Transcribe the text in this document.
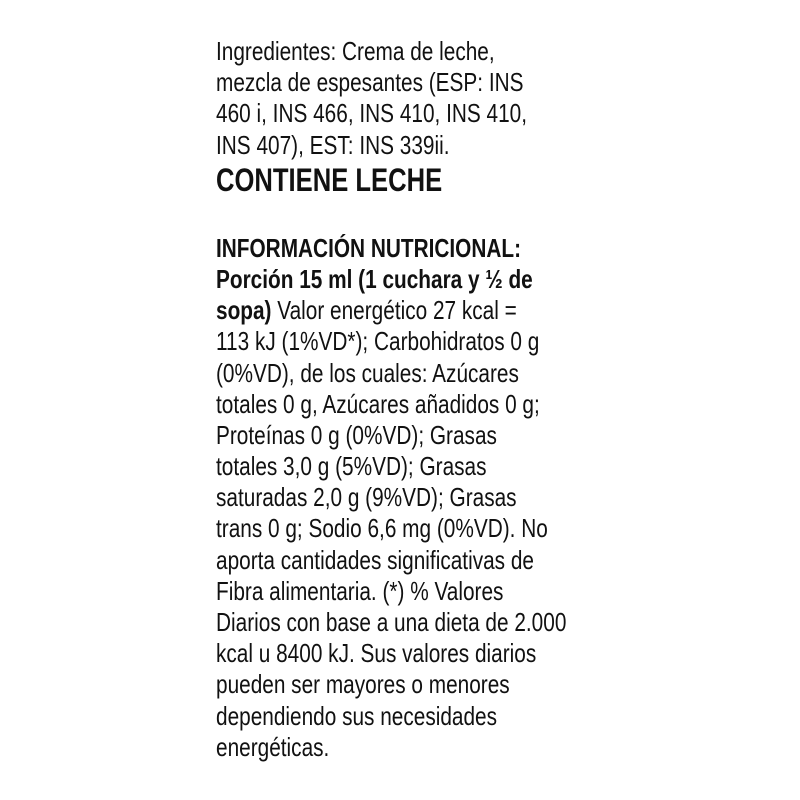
Ingredientes: Crema de leche,
mezcla de espesantes (ESP: INS
460 i, INS 466, INS 410, INS 410,
INS 407), EST: INS 339ii.
CONTIENE LECHE
INFORMACIÓN NUTRICIONAL:
Porción 15 ml (1 cuchara y ½ de
sopa) Valor energético 27 kcal =
113 kJ (1%VD*); Carbohidratos 0 g
(0%VD), de los cuales: Azúcares
totales 0 g, Azúcares añadidos 0 g;
Proteínas 0 g (0%VD); Grasas
totales 3,0 g (5%VD); Grasas
saturadas 2,0 g (9%VD); Grasas
trans 0 g; Sodio 6,6 mg (0%VD). No
aporta cantidades significativas de
Fibra alimentaria. (*) % Valores
Diarios con base a una dieta de 2.000
kcal u 8400 kJ. Sus valores diarios
pueden ser mayores o menores
dependiendo sus necesidades
energéticas.
